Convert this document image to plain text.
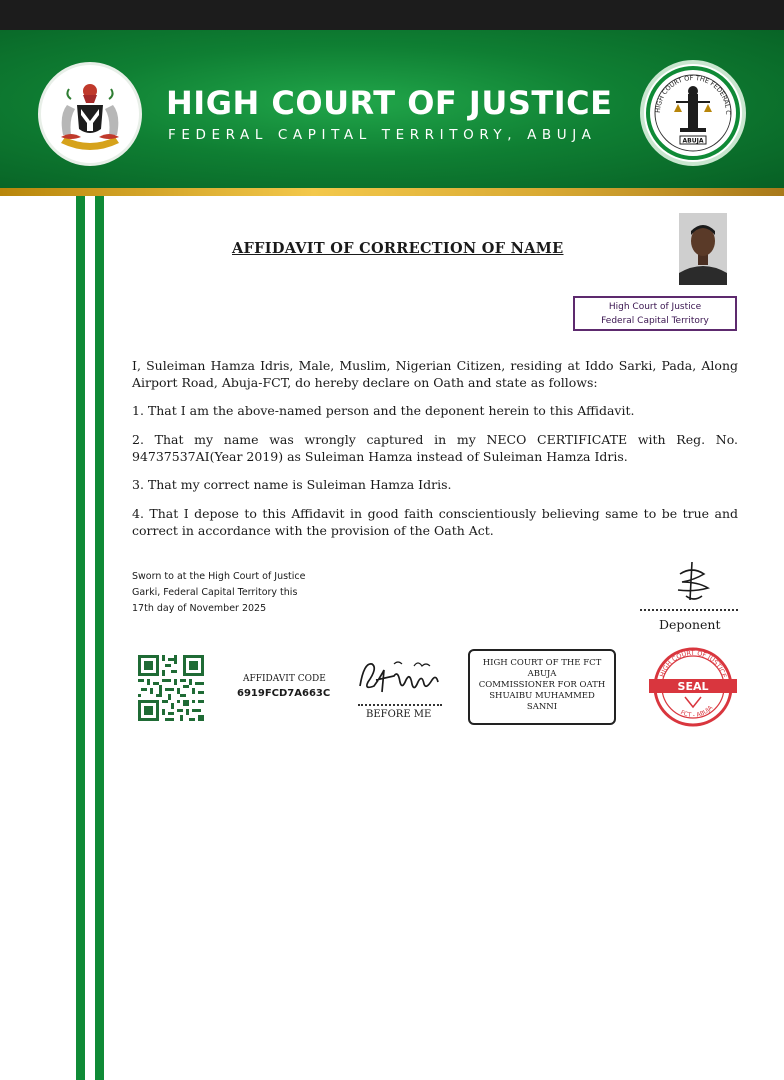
HIGH COURT OF JUSTICE
FEDERAL CAPITAL TERRITORY, ABUJA
HIGH COURT OF THE FEDERAL C
ABUJA
AFFIDAVIT OF CORRECTION OF NAME
High Court of Justice
Federal Capital Territory
I, Suleiman Hamza Idris, Male, Muslim, Nigerian Citizen, residing at Iddo Sarki, Pada, Along Airport Road, Abuja-FCT, do hereby declare on Oath and state as follows:
1. That I am the above-named person and the deponent herein to this Affidavit.
2. That my name was wrongly captured in my NECO CERTIFICATE with Reg. No. 94737537AI(Year 2019) as Suleiman Hamza instead of Suleiman Hamza Idris.
3. That my correct name is Suleiman Hamza Idris.
4. That I depose to this Affidavit in good faith conscientiously believing same to be true and correct in accordance with the provision of the Oath Act.
Sworn to at the High Court of Justice
Garki, Federal Capital Territory this
17th day of November 2025
Deponent
AFFIDAVIT CODE
6919FCD7A663C
BEFORE ME
HIGH COURT OF THE FCT
ABUJA
COMMISSIONER FOR OATH
SHUAIBU MUHAMMED
SANNI
HIGH COURT OF JUSTICE
SEAL
FCT - ABUJA
